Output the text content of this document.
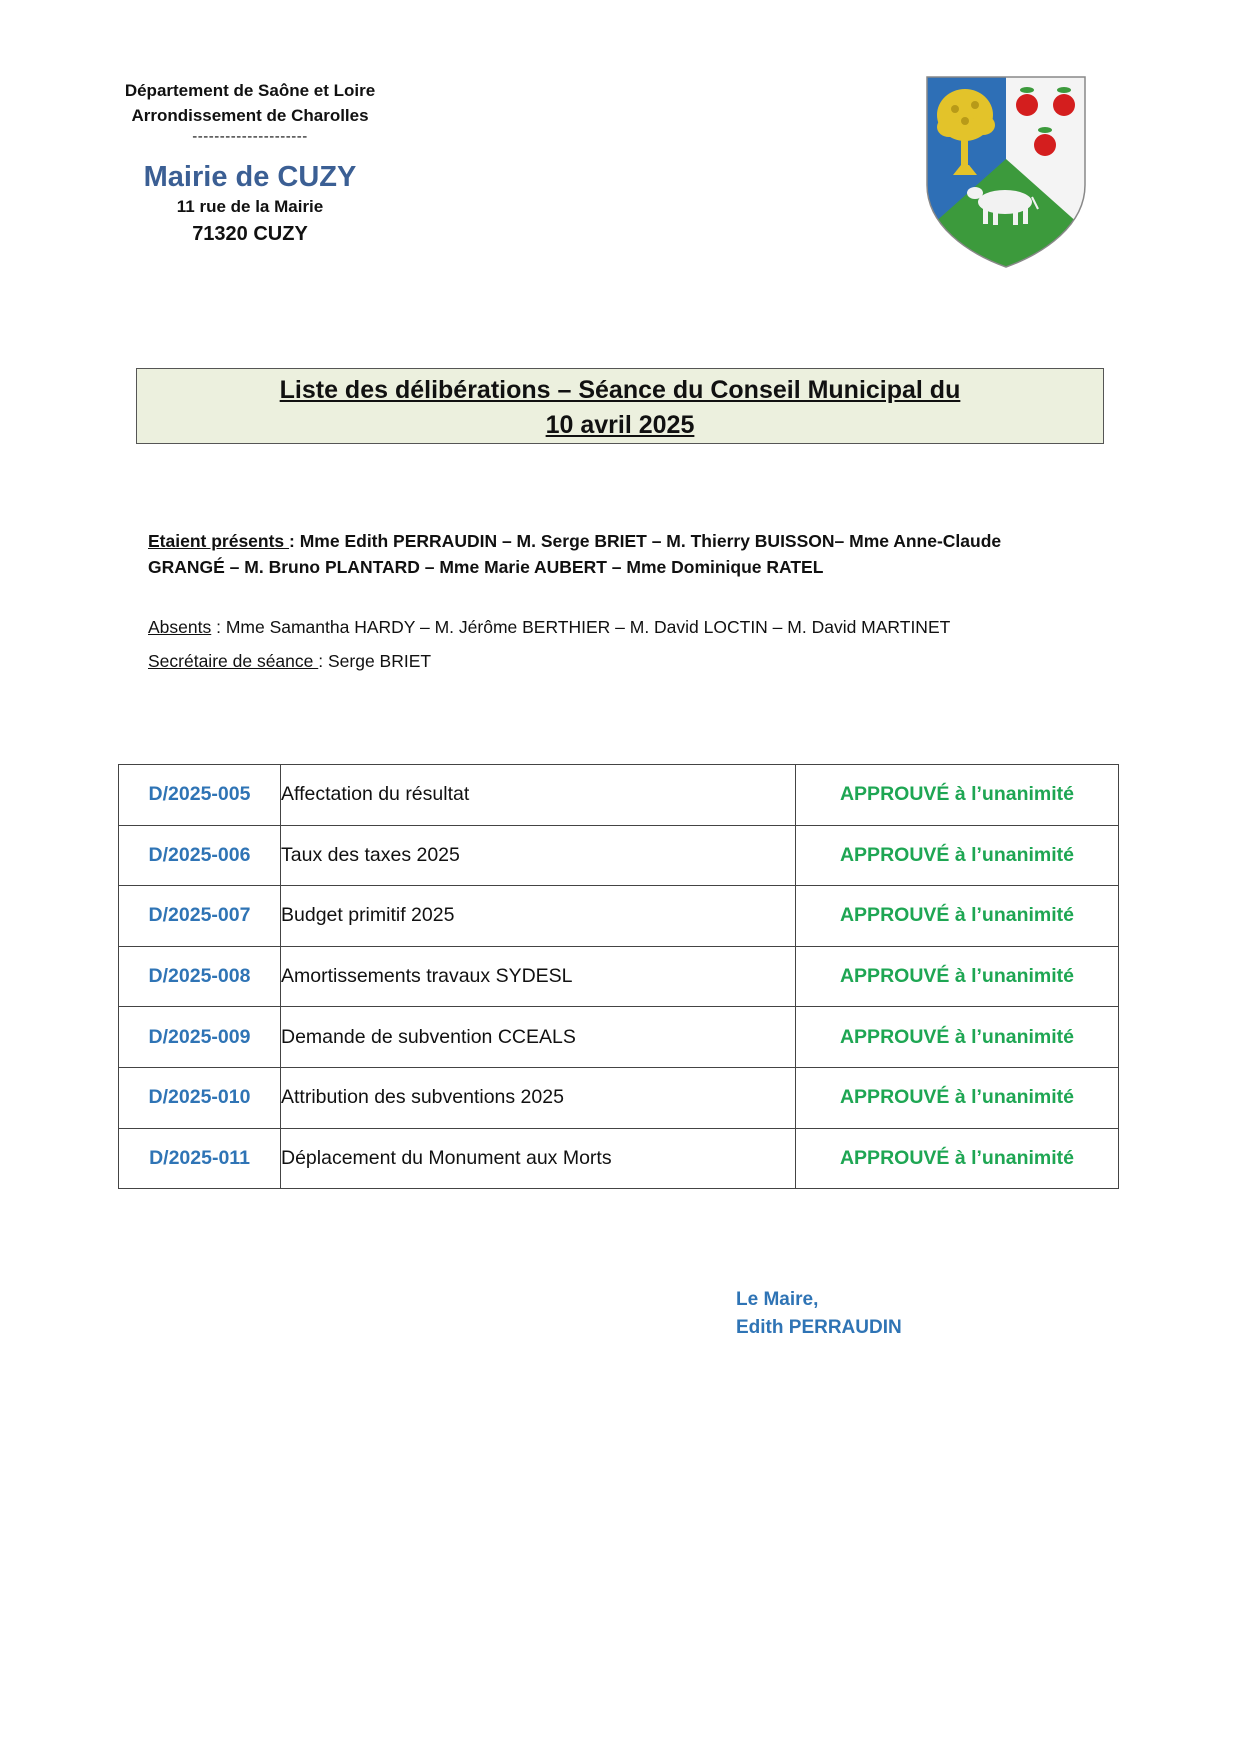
Département de Saône et Loire
Arrondissement de Charolles
---------------------
Mairie de CUZY
11 rue de la Mairie
71320 CUZY
Liste des délibérations – Séance du Conseil Municipal du
10 avril 2025
Etaient présents : Mme Edith PERRAUDIN – M. Serge BRIET – M. Thierry BUISSON– Mme Anne-Claude GRANGÉ – M. Bruno PLANTARD – Mme Marie AUBERT – Mme Dominique RATEL
Absents : Mme Samantha HARDY – M. Jérôme BERTHIER – M. David LOCTIN – M. David MARTINET
Secrétaire de séance : Serge BRIET
D/2025-005	Affectation du résultat	APPROUVÉ à l’unanimité
D/2025-006	Taux des taxes 2025	APPROUVÉ à l’unanimité
D/2025-007	Budget primitif 2025	APPROUVÉ à l’unanimité
D/2025-008	Amortissements travaux SYDESL	APPROUVÉ à l’unanimité
D/2025-009	Demande de subvention CCEALS	APPROUVÉ à l’unanimité
D/2025-010	Attribution des subventions 2025	APPROUVÉ à l’unanimité
D/2025-011	Déplacement du Monument aux Morts	APPROUVÉ à l’unanimité
Le Maire,
Edith PERRAUDIN
